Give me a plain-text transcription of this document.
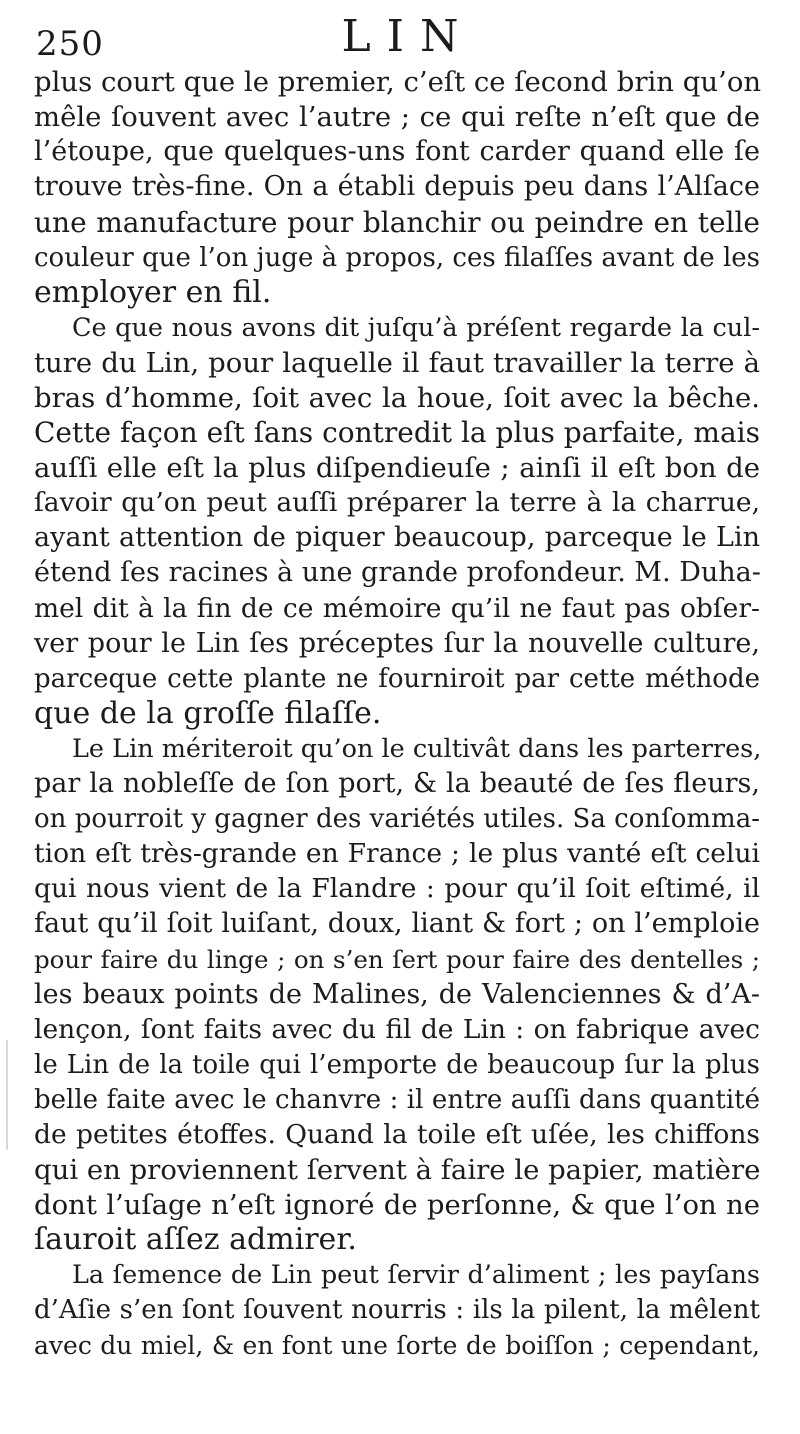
250	LIN
plus court que le premier, c’eſt ce ſecond brin qu’on
mêle ſouvent avec l’autre ; ce qui reſte n’eſt que de
l’étoupe, que quelques-uns font carder quand elle ſe
trouve très-fine. On a établi depuis peu dans l’Alſace
une manufacture pour blanchir ou peindre en telle
couleur que l’on juge à propos, ces filaſſes avant de les
employer en fil.
Ce que nous avons dit juſqu’à préſent regarde la cul-
ture du Lin, pour laquelle il faut travailler la terre à
bras d’homme, ſoit avec la houe, ſoit avec la bêche.
Cette façon eſt ſans contredit la plus parfaite, mais
auſſi elle eſt la plus diſpendieuſe ; ainſi il eſt bon de
ſavoir qu’on peut auſſi préparer la terre à la charrue,
ayant attention de piquer beaucoup, parceque le Lin
étend ſes racines à une grande profondeur. M. Duha-
mel dit à la fin de ce mémoire qu’il ne faut pas obſer-
ver pour le Lin ſes préceptes ſur la nouvelle culture,
parceque cette plante ne fourniroit par cette méthode
que de la groſſe filaſſe.
Le Lin mériteroit qu’on le cultivât dans les parterres,
par la nobleſſe de ſon port, & la beauté de ſes fleurs,
on pourroit y gagner des variétés utiles. Sa conſomma-
tion eſt très-grande en France ; le plus vanté eſt celui
qui nous vient de la Flandre : pour qu’il ſoit eſtimé, il
faut qu’il ſoit luiſant, doux, liant & fort ; on l’emploie
pour faire du linge ; on s’en ſert pour faire des dentelles ;
les beaux points de Malines, de Valenciennes & d’A-
lençon, ſont faits avec du fil de Lin : on fabrique avec
le Lin de la toile qui l’emporte de beaucoup ſur la plus
belle faite avec le chanvre : il entre auſſi dans quantité
de petites étoffes. Quand la toile eſt uſée, les chiffons
qui en proviennent ſervent à faire le papier, matière
dont l’uſage n’eſt ignoré de perſonne, & que l’on ne
ſauroit aſſez admirer.
La ſemence de Lin peut ſervir d’aliment ; les payſans
d’Aſie s’en ſont ſouvent nourris : ils la pilent, la mêlent
avec du miel, & en font une ſorte de boiſſon ; cependant,
